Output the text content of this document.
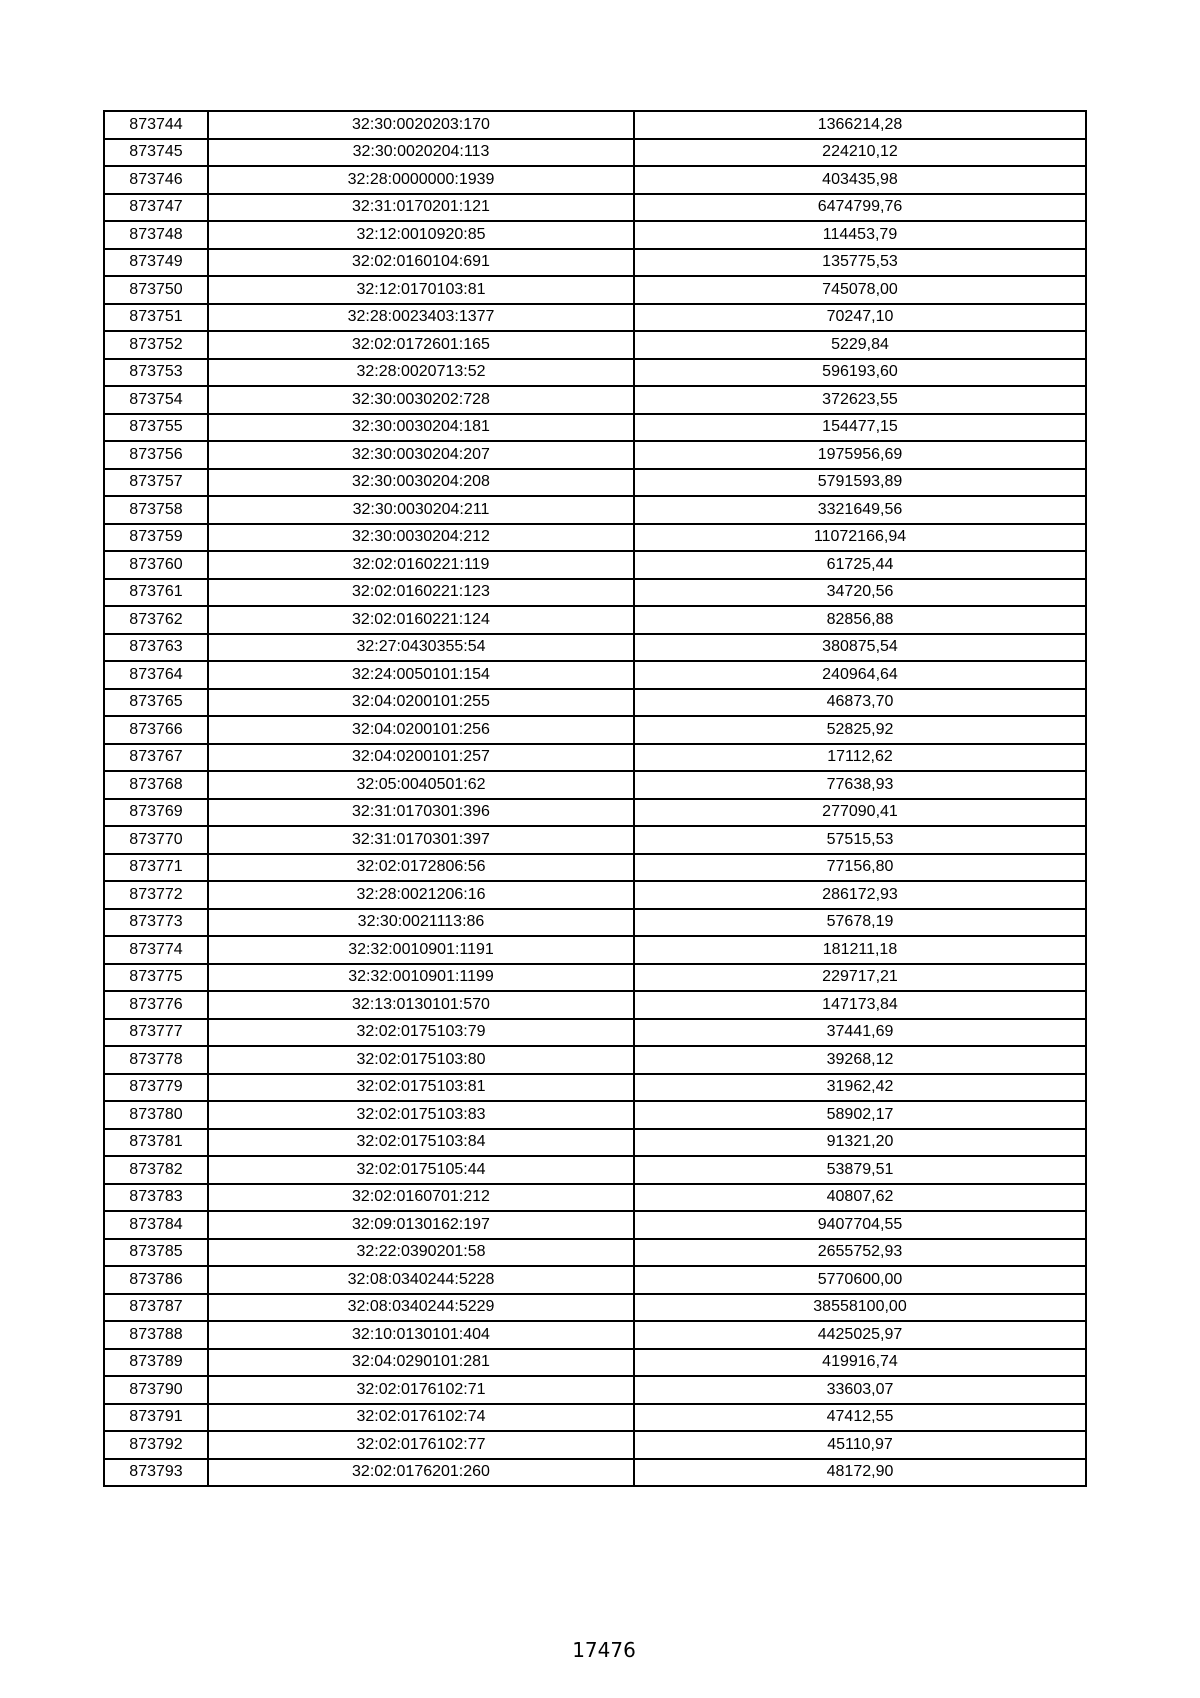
873744	32:30:0020203:170	1366214,28
873745	32:30:0020204:113	224210,12
873746	32:28:0000000:1939	403435,98
873747	32:31:0170201:121	6474799,76
873748	32:12:0010920:85	114453,79
873749	32:02:0160104:691	135775,53
873750	32:12:0170103:81	745078,00
873751	32:28:0023403:1377	70247,10
873752	32:02:0172601:165	5229,84
873753	32:28:0020713:52	596193,60
873754	32:30:0030202:728	372623,55
873755	32:30:0030204:181	154477,15
873756	32:30:0030204:207	1975956,69
873757	32:30:0030204:208	5791593,89
873758	32:30:0030204:211	3321649,56
873759	32:30:0030204:212	11072166,94
873760	32:02:0160221:119	61725,44
873761	32:02:0160221:123	34720,56
873762	32:02:0160221:124	82856,88
873763	32:27:0430355:54	380875,54
873764	32:24:0050101:154	240964,64
873765	32:04:0200101:255	46873,70
873766	32:04:0200101:256	52825,92
873767	32:04:0200101:257	17112,62
873768	32:05:0040501:62	77638,93
873769	32:31:0170301:396	277090,41
873770	32:31:0170301:397	57515,53
873771	32:02:0172806:56	77156,80
873772	32:28:0021206:16	286172,93
873773	32:30:0021113:86	57678,19
873774	32:32:0010901:1191	181211,18
873775	32:32:0010901:1199	229717,21
873776	32:13:0130101:570	147173,84
873777	32:02:0175103:79	37441,69
873778	32:02:0175103:80	39268,12
873779	32:02:0175103:81	31962,42
873780	32:02:0175103:83	58902,17
873781	32:02:0175103:84	91321,20
873782	32:02:0175105:44	53879,51
873783	32:02:0160701:212	40807,62
873784	32:09:0130162:197	9407704,55
873785	32:22:0390201:58	2655752,93
873786	32:08:0340244:5228	5770600,00
873787	32:08:0340244:5229	38558100,00
873788	32:10:0130101:404	4425025,97
873789	32:04:0290101:281	419916,74
873790	32:02:0176102:71	33603,07
873791	32:02:0176102:74	47412,55
873792	32:02:0176102:77	45110,97
873793	32:02:0176201:260	48172,90
17476
